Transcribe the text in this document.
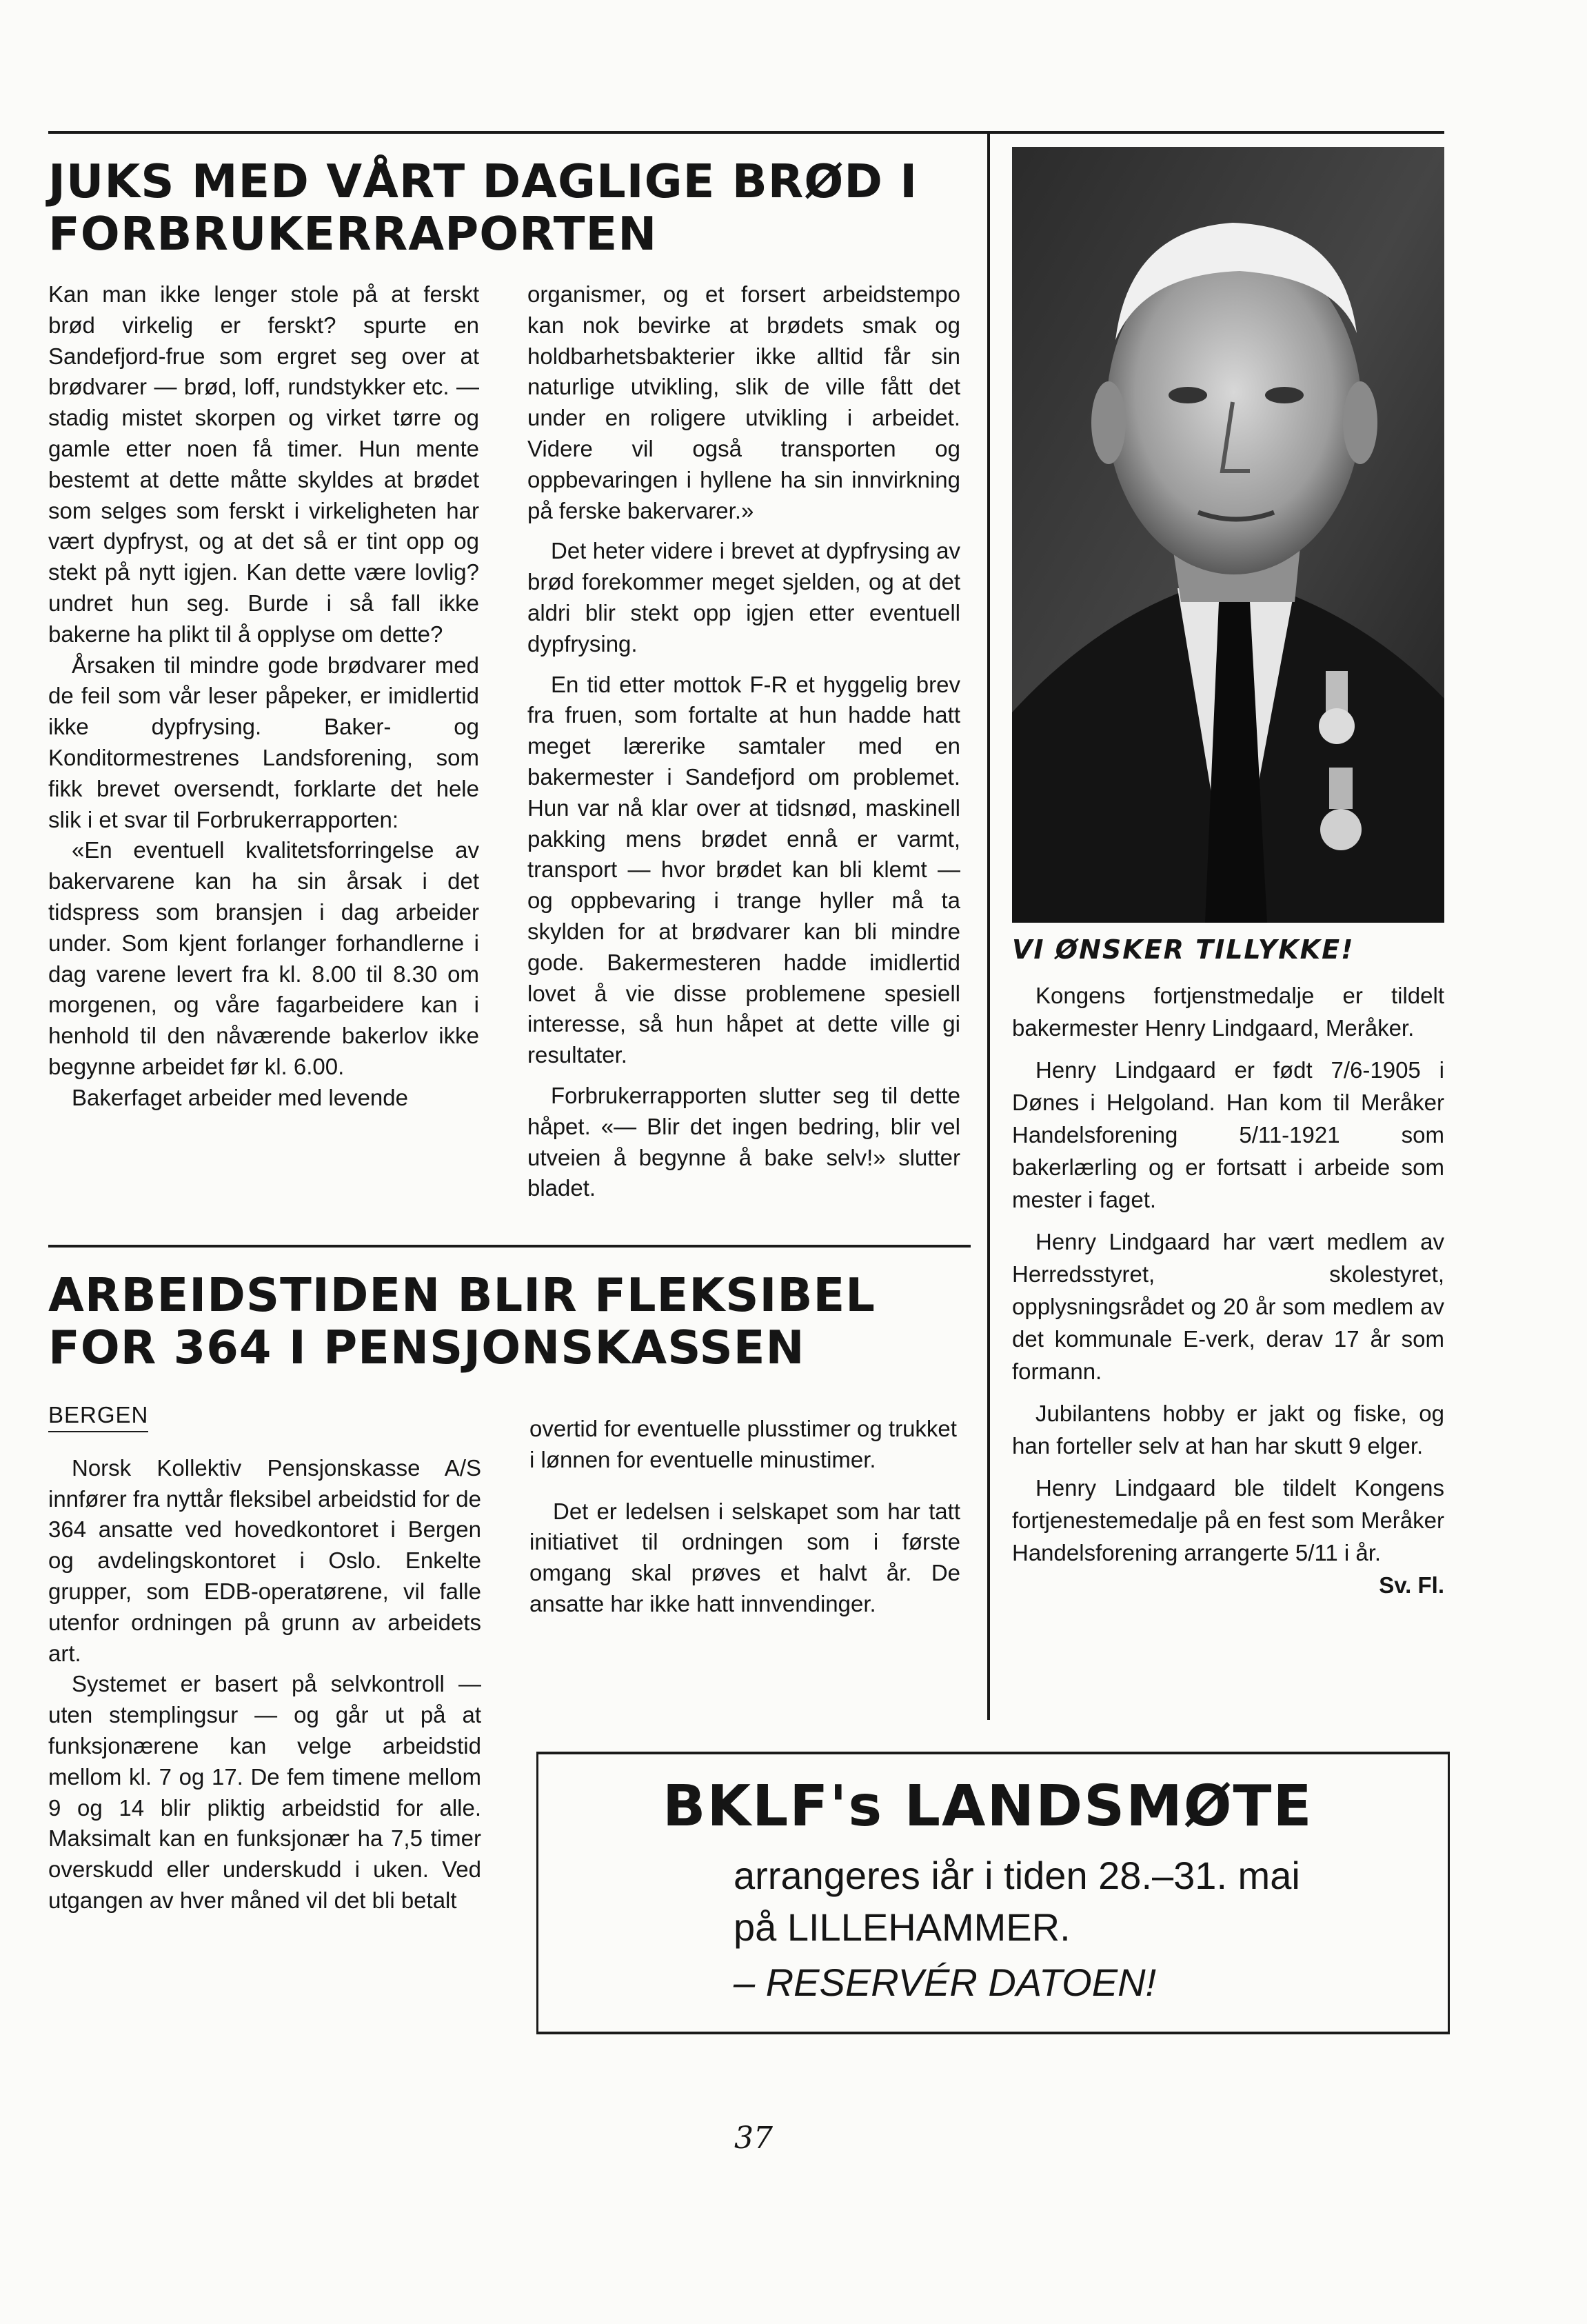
JUKS MED VÅRT DAGLIGE BRØD I FORBRUKERRAPORTEN

Kan man ikke lenger stole på at ferskt brød virkelig er ferskt? spurte en Sandefjord-frue som ergret seg over at brødvarer — brød, loff, rundstykker etc. — stadig mistet skorpen og virket tørre og gamle etter noen få timer. Hun mente bestemt at dette måtte skyldes at brødet som selges som ferskt i virkeligheten har vært dypfryst, og at det så er tint opp og stekt på nytt igjen. Kan dette være lovlig? undret hun seg. Burde i så fall ikke bakerne ha plikt til å opplyse om dette?

Årsaken til mindre gode brødvarer med de feil som vår leser påpeker, er imidlertid ikke dypfrysing. Baker- og Konditormestrenes Landsforening, som fikk brevet oversendt, forklarte det hele slik i et svar til Forbrukerrapporten:

«En eventuell kvalitetsforringelse av bakervarene kan ha sin årsak i det tidspress som bransjen i dag arbeider under. Som kjent forlanger forhandlerne i dag varene levert fra kl. 8.00 til 8.30 om morgenen, og våre fagarbeidere kan i henhold til den nåværende bakerlov ikke begynne arbeidet før kl. 6.00.

Bakerfaget arbeider med levende

organismer, og et forsert arbeidstempo kan nok bevirke at brødets smak og holdbarhetsbakterier ikke alltid får sin naturlige utvikling, slik de ville fått det under en roligere utvikling i arbeidet. Videre vil også transporten og oppbevaringen i hyllene ha sin innvirkning på ferske bakervarer.»

Det heter videre i brevet at dypfrysing av brød forekommer meget sjelden, og at det aldri blir stekt opp igjen etter eventuell dypfrysing.

En tid etter mottok F-R et hyggelig brev fra fruen, som fortalte at hun hadde hatt meget lærerike samtaler med en bakermester i Sandefjord om problemet. Hun var nå klar over at tidsnød, maskinell pakking mens brødet ennå er varmt, transport — hvor brødet kan bli klemt — og oppbevaring i trange hyller må ta skylden for at brødvarer kan bli mindre gode. Bakermesteren hadde imidlertid lovet å vie disse problemene spesiell interesse, så hun håpet at dette ville gi resultater.

Forbrukerrapporten slutter seg til dette håpet. «— Blir det ingen bedring, blir vel utveien å begynne å bake selv!» slutter bladet.

ARBEIDSTIDEN BLIR FLEKSIBEL FOR 364 I PENSJONSKASSEN
BERGEN

Norsk Kollektiv Pensjonskasse A/S innfører fra nyttår fleksibel arbeidstid for de 364 ansatte ved hovedkontoret i Bergen og avdelingskontoret i Oslo. Enkelte grupper, som EDB-operatørene, vil falle utenfor ordningen på grunn av arbeidets art.

Systemet er basert på selvkontroll — uten stemplingsur — og går ut på at funksjonærene kan velge arbeidstid mellom kl. 7 og 17. De fem timene mellom 9 og 14 blir pliktig arbeidstid for alle. Maksimalt kan en funksjonær ha 7,5 timer overskudd eller underskudd i uken. Ved utgangen av hver måned vil det bli betalt

overtid for eventuelle plusstimer og trukket i lønnen for eventuelle minustimer.

Det er ledelsen i selskapet som har tatt initiativet til ordningen som i første omgang skal prøves et halvt år. De ansatte har ikke hatt innvendinger.

VI ØNSKER TILLYKKE!

Kongens fortjenstmedalje er tildelt bakermester Henry Lindgaard, Meråker.

Henry Lindgaard er født 7/6-1905 i Dønes i Helgoland. Han kom til Meråker Handelsforening 5/11-1921 som bakerlærling og er fortsatt i arbeide som mester i faget.

Henry Lindgaard har vært medlem av Herredsstyret, skolestyret, opplysningsrådet og 20 år som medlem av det kommunale E-verk, derav 17 år som formann.

Jubilantens hobby er jakt og fiske, og han forteller selv at han har skutt 9 elger.

Henry Lindgaard ble tildelt Kongens fortjenestemedalje på en fest som Meråker Handelsforening arrangerte 5/11 i år.
Sv. Fl.

BKLF's LANDSMØTE
arrangeres iår i tiden 28.–31. mai
på LILLEHAMMER.
– RESERVÉR DATOEN!
37
